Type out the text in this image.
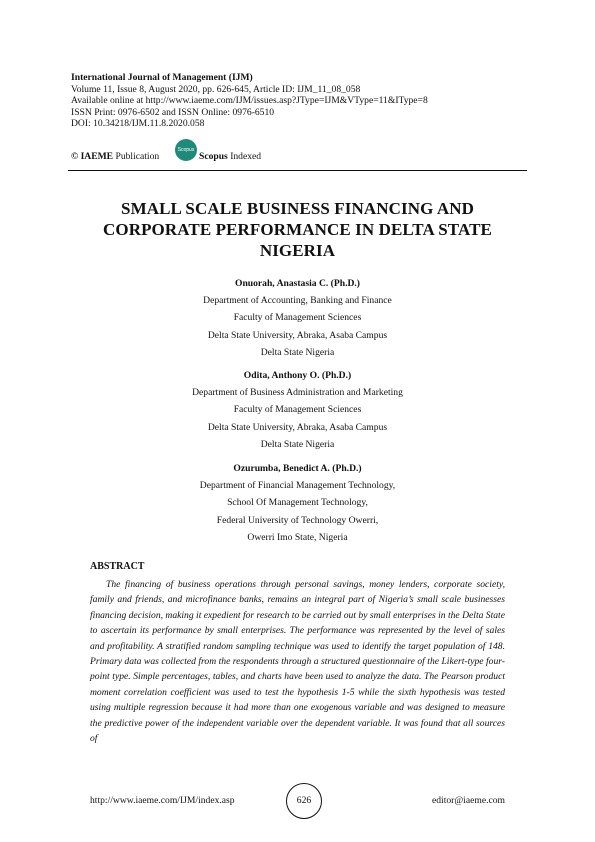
International Journal of Management (IJM)
Volume 11, Issue 8, August 2020, pp. 626-645, Article ID: IJM_11_08_058
Available online at http://www.iaeme.com/IJM/issues.asp?JType=IJM&VType=11&IType=8
ISSN Print: 0976-6502 and ISSN Online: 0976-6510
DOI: 10.34218/IJM.11.8.2020.058
© IAEME Publication
Scopus
Scopus Indexed
SMALL SCALE BUSINESS FINANCING AND CORPORATE PERFORMANCE IN DELTA STATE NIGERIA
Onuorah, Anastasia C. (Ph.D.)
Department of Accounting, Banking and Finance
Faculty of Management Sciences
Delta State University, Abraka, Asaba Campus
Delta State Nigeria
Odita, Anthony O. (Ph.D.)
Department of Business Administration and Marketing
Faculty of Management Sciences
Delta State University, Abraka, Asaba Campus
Delta State Nigeria
Ozurumba, Benedict A. (Ph.D.)
Department of Financial Management Technology,
School Of Management Technology,
Federal University of Technology Owerri,
Owerri Imo State, Nigeria
ABSTRACT
The financing of business operations through personal savings, money lenders, corporate society, family and friends, and microfinance banks, remains an integral part of Nigeria’s small scale businesses financing decision, making it expedient for research to be carried out by small enterprises in the Delta State to ascertain its performance by small enterprises. The performance was represented by the level of sales and profitability. A stratified random sampling technique was used to identify the target population of 148. Primary data was collected from the respondents through a structured questionnaire of the Likert-type four-point type. Simple percentages, tables, and charts have been used to analyze the data. The Pearson product moment correlation coefficient was used to test the hypothesis 1-5 while the sixth hypothesis was tested using multiple regression because it had more than one exogenous variable and was designed to measure the predictive power of the independent variable over the dependent variable. It was found that all sources of
http://www.iaeme.com/IJM/index.asp	626	editor@iaeme.com
